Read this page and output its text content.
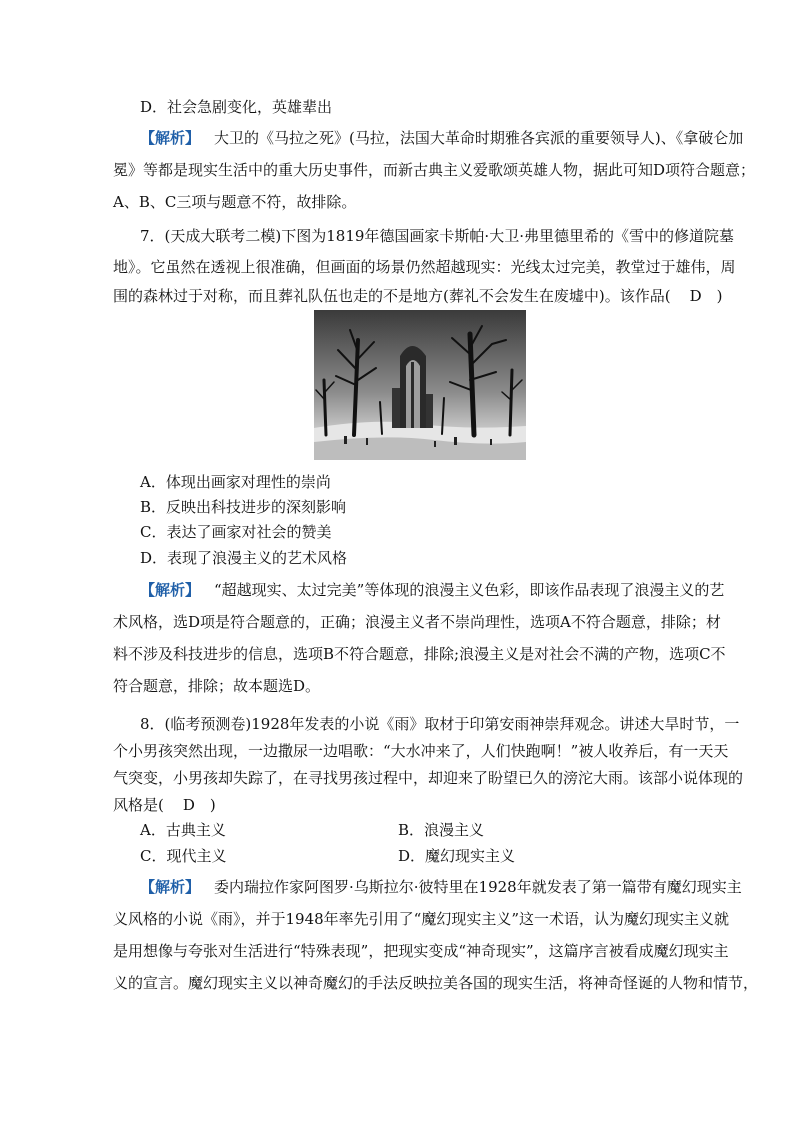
D．社会急剧变化，英雄辈出
【解析】 大卫的《马拉之死》(马拉，法国大革命时期雅各宾派的重要领导人)、《拿破仑加
冕》等都是现实生活中的重大历史事件，而新古典主义爱歌颂英雄人物，据此可知D项符合题意；
A、B、C三项与题意不符，故排除。
7．(天成大联考二模)下图为1819年德国画家卡斯帕·大卫·弗里德里希的《雪中的修道院墓
地》。它虽然在透视上很准确，但画面的场景仍然超越现实：光线太过完美，教堂过于雄伟，周
围的森林过于对称，而且葬礼队伍也走的不是地方(葬礼不会发生在废墟中)。该作品(　D　)
A．体现出画家对理性的崇尚
B．反映出科技进步的深刻影响
C．表达了画家对社会的赞美
D．表现了浪漫主义的艺术风格
【解析】 “超越现实、太过完美”等体现的浪漫主义色彩，即该作品表现了浪漫主义的艺
术风格，选D项是符合题意的，正确；浪漫主义者不崇尚理性，选项A不符合题意，排除；材
料不涉及科技进步的信息，选项B不符合题意，排除;浪漫主义是对社会不满的产物，选项C不
符合题意，排除；故本题选D。
8．(临考预测卷)1928年发表的小说《雨》取材于印第安雨神崇拜观念。讲述大旱时节，一
个小男孩突然出现，一边撒尿一边唱歌：“大水冲来了，人们快跑啊！”被人收养后，有一天天
气突变，小男孩却失踪了，在寻找男孩过程中，却迎来了盼望已久的滂沱大雨。该部小说体现的
风格是(　D　)
A．古典主义	B．浪漫主义
C．现代主义	D．魔幻现实主义
【解析】 委内瑞拉作家阿图罗·乌斯拉尔·彼特里在1928年就发表了第一篇带有魔幻现实主
义风格的小说《雨》，并于1948年率先引用了“魔幻现实主义”这一术语，认为魔幻现实主义就
是用想像与夸张对生活进行“特殊表现”，把现实变成“神奇现实”，这篇序言被看成魔幻现实主
义的宣言。魔幻现实主义以神奇魔幻的手法反映拉美各国的现实生活，将神奇怪诞的人物和情节，
